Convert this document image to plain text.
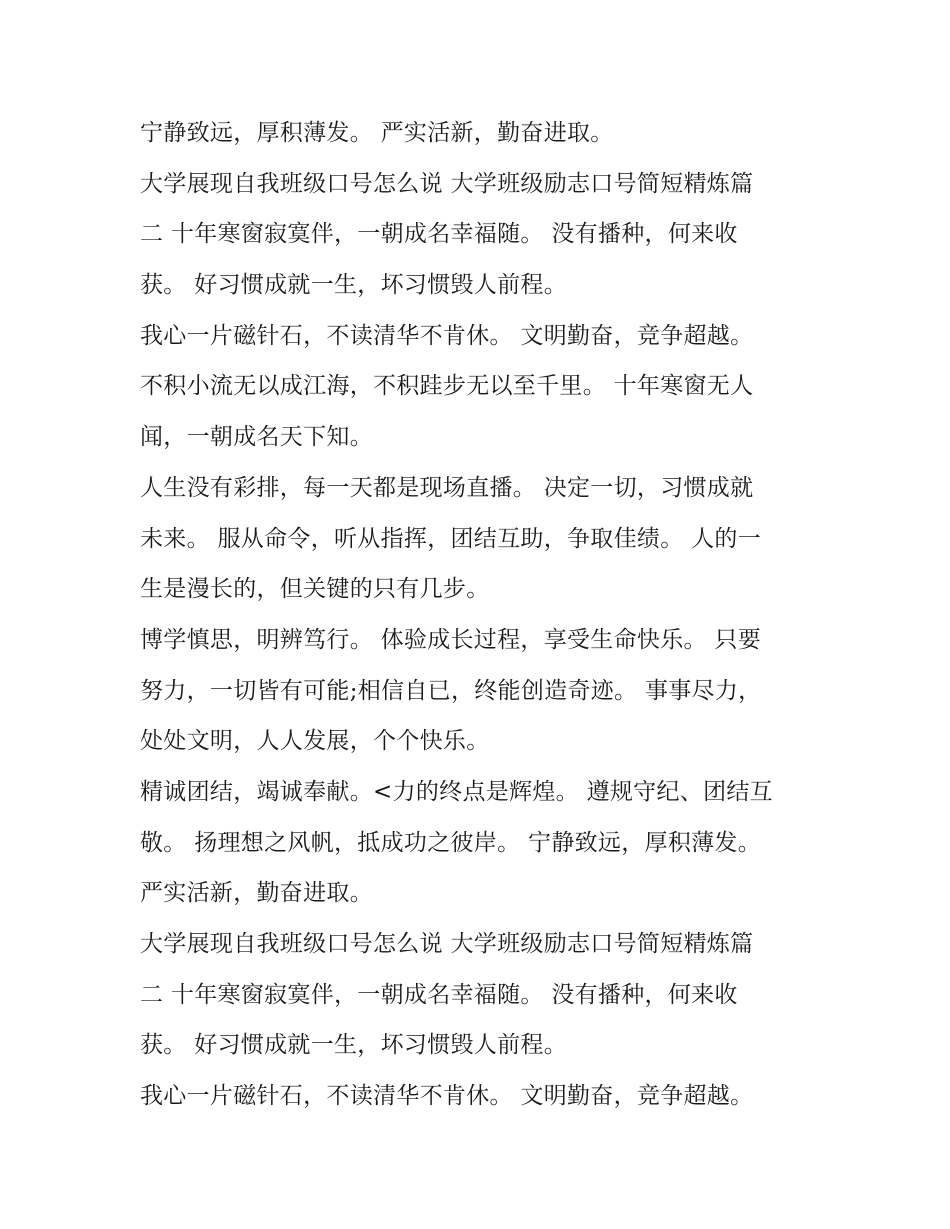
宁静致远，厚积薄发。 严实活新，勤奋进取。
大学展现自我班级口号怎么说 大学班级励志口号简短精炼篇
二 十年寒窗寂寞伴，一朝成名幸福随。 没有播种，何来收
获。 好习惯成就一生，坏习惯毁人前程。
我心一片磁针石，不读清华不肯休。 文明勤奋，竞争超越。
不积小流无以成江海，不积跬步无以至千里。 十年寒窗无人
闻，一朝成名天下知。
人生没有彩排，每一天都是现场直播。 决定一切，习惯成就
未来。 服从命令，听从指挥，团结互助，争取佳绩。 人的一
生是漫长的，但关键的只有几步。
博学慎思，明辨笃行。 体验成长过程，享受生命快乐。 只要
努力，一切皆有可能;相信自已，终能创造奇迹。 事事尽力，
处处文明，人人发展，个个快乐。
精诚团结，竭诚奉献。<力的终点是辉煌。 遵规守纪、团结互
敬。 扬理想之风帆，抵成功之彼岸。 宁静致远，厚积薄发。
严实活新，勤奋进取。
大学展现自我班级口号怎么说 大学班级励志口号简短精炼篇
二 十年寒窗寂寞伴，一朝成名幸福随。 没有播种，何来收
获。 好习惯成就一生，坏习惯毁人前程。
我心一片磁针石，不读清华不肯休。 文明勤奋，竞争超越。
